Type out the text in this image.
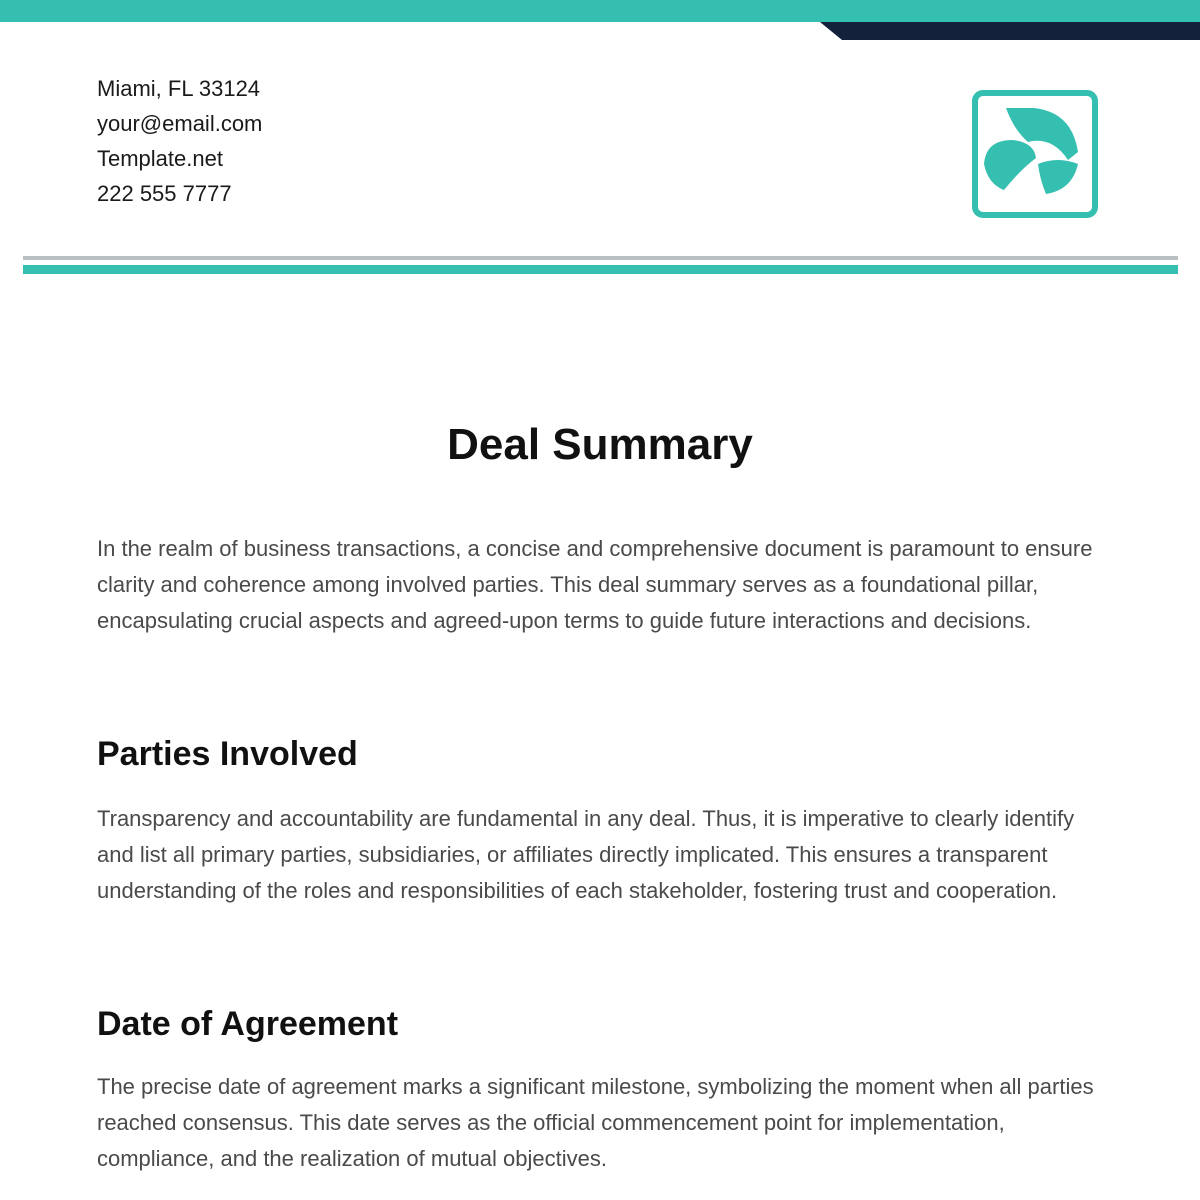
Miami, FL 33124
your@email.com
Template.net
222 555 7777
Deal Summary

In the realm of business transactions, a concise and comprehensive document is paramount to ensure clarity and coherence among involved parties. This deal summary serves as a foundational pillar, encapsulating crucial aspects and agreed-upon terms to guide future interactions and decisions.

Parties Involved

Transparency and accountability are fundamental in any deal. Thus, it is imperative to clearly identify and list all primary parties, subsidiaries, or affiliates directly implicated. This ensures a transparent understanding of the roles and responsibilities of each stakeholder, fostering trust and cooperation.

Date of Agreement

The precise date of agreement marks a significant milestone, symbolizing the moment when all parties reached consensus. This date serves as the official commencement point for implementation, compliance, and the realization of mutual objectives.
